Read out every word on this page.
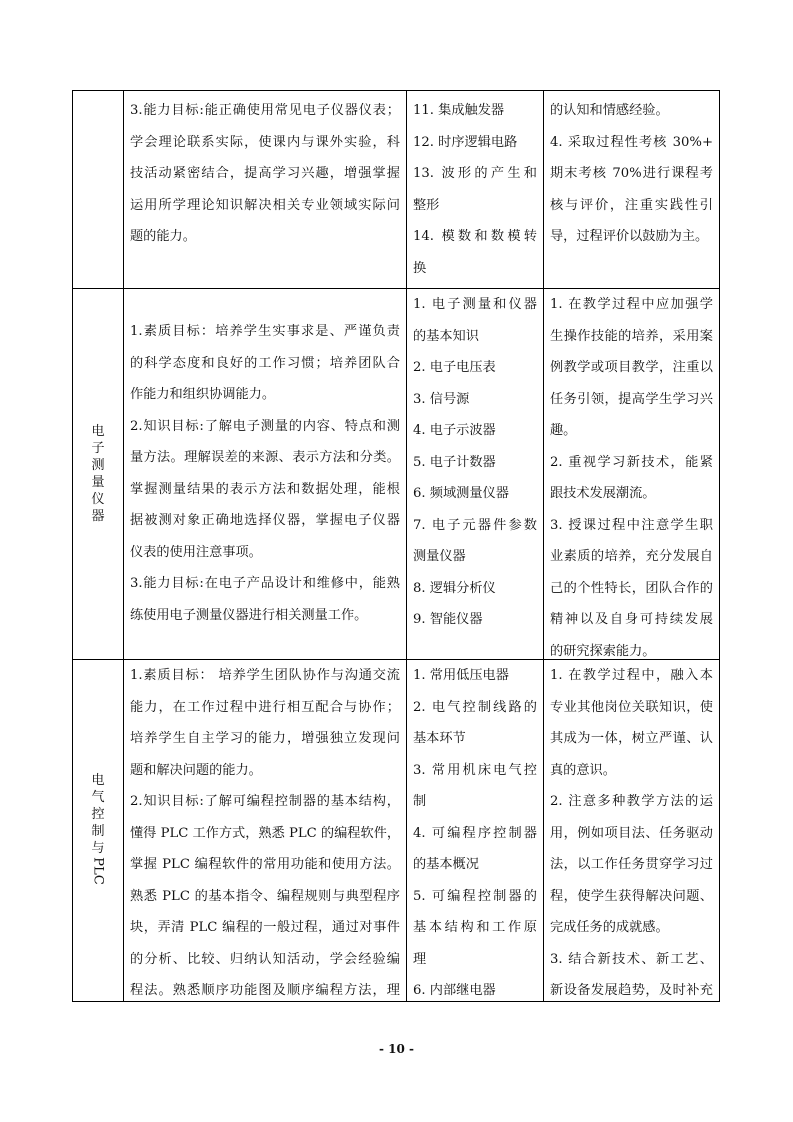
3.能力目标:能正确使用常见电子仪器仪表；
学会理论联系实际，使课内与课外实验，科
技活动紧密结合，提高学习兴趣，增强掌握
运用所学理论知识解决相关专业领域实际问
题的能力。
11. 集成触发器
12. 时序逻辑电路
13. 波形的产生和
整形
14. 模数和数模转
换
的认知和情感经验。
4. 采取过程性考核 30%+
期末考核 70%进行课程考
核与评价，注重实践性引
导，过程评价以鼓励为主。
电
子
测
量
仪
器
1.素质目标：培养学生实事求是、严谨负责
的科学态度和良好的工作习惯；培养团队合
作能力和组织协调能力。
2.知识目标:了解电子测量的内容、特点和测
量方法。理解误差的来源、表示方法和分类。
掌握测量结果的表示方法和数据处理，能根
据被测对象正确地选择仪器，掌握电子仪器
仪表的使用注意事项。
3.能力目标:在电子产品设计和维修中，能熟
练使用电子测量仪器进行相关测量工作。
1. 电子测量和仪器
的基本知识
2. 电子电压表
3. 信号源
4. 电子示波器
5. 电子计数器
6. 频域测量仪器
7. 电子元器件参数
测量仪器
8. 逻辑分析仪
9. 智能仪器
1. 在教学过程中应加强学
生操作技能的培养，采用案
例教学或项目教学，注重以
任务引领，提高学生学习兴
趣。
2. 重视学习新技术，能紧
跟技术发展潮流。
3. 授课过程中注意学生职
业素质的培养，充分发展自
己的个性特长，团队合作的
精神以及自身可持续发展
的研究探索能力。
电
气
控
制
与
PLC
1.素质目标： 培养学生团队协作与沟通交流
能力，在工作过程中进行相互配合与协作；
培养学生自主学习的能力，增强独立发现问
题和解决问题的能力。
2.知识目标:了解可编程控制器的基本结构，
懂得 PLC 工作方式，熟悉 PLC 的编程软件，
掌握 PLC 编程软件的常用功能和使用方法。
熟悉 PLC 的基本指令、编程规则与典型程序
块，弄清 PLC 编程的一般过程，通过对事件
的分析、比较、归纳认知活动，学会经验编
程法。熟悉顺序功能图及顺序编程方法，理
1. 常用低压电器
2. 电气控制线路的
基本环节
3. 常用机床电气控
制
4. 可编程序控制器
的基本概况
5. 可编程控制器的
基本结构和工作原
理
6. 内部继电器
1. 在教学过程中，融入本
专业其他岗位关联知识，使
其成为一体，树立严谨、认
真的意识。
2. 注意多种教学方法的运
用，例如项目法、任务驱动
法，以工作任务贯穿学习过
程，使学生获得解决问题、
完成任务的成就感。
3. 结合新技术、新工艺、
新设备发展趋势，及时补充
- 10 -
